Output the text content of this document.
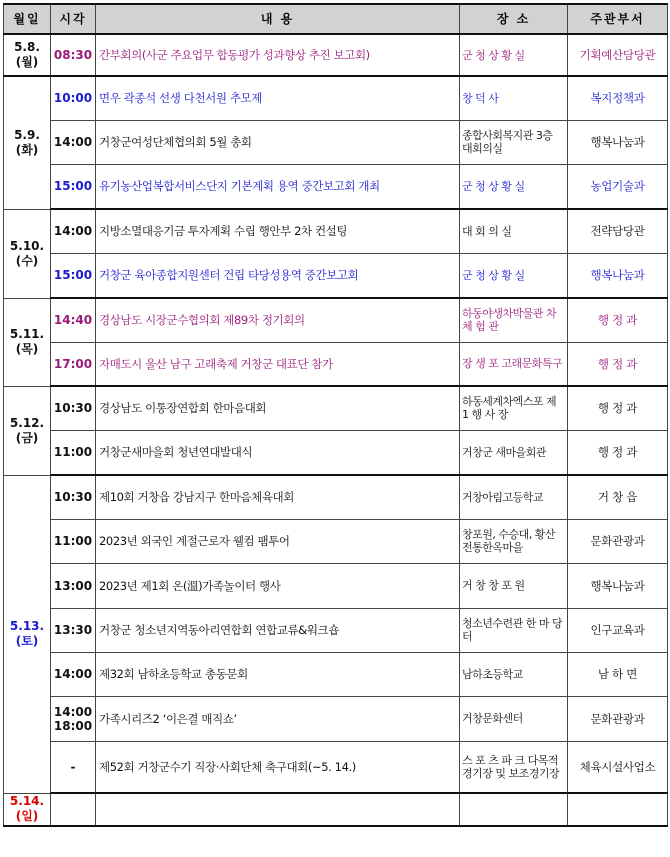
월일	시각	내 용	장 소	주관부서

5.8.
(월)	08:30	간부회의(사군 주요업무 합동평가 성과향상 추진 보고회)	군 청 상 황 실	기획예산담당관

5.9.
(화)	10:00	면우 곽종석 선생 다천서원 추모제	창 덕 사	복지정책과
	14:00	거창군여성단체협의회 5월 총회	종합사회복지관 3층 대회의실	행복나눔과
	15:00	유기농산업복합서비스단지 기본계획 용역 중간보고회 개최	군 청 상 황 실	농업기술과

5.10.
(수)	14:00	지방소멸대응기금 투자계획 수립 행안부 2차 컨설팅	대 회 의 실	전략담당관
	15:00	거창군 육아종합지원센터 건립 타당성용역 중간보고회	군 청 상 황 실	행복나눔과

5.11.
(목)	14:40	경상남도 시장군수협의회 제89차 정기회의	하동야생차박물관 차 체 험 관	행 정 과
	17:00	자매도시 울산 남구 고래축제 거창군 대표단 참가	장 생 포 고래문화특구	행 정 과

5.12.
(금)	10:30	경상남도 이통장연합회 한마음대회	하동세계차엑스포 제 1 행 사 장	행 정 과
	11:00	거창군새마을회 청년연대발대식	거창군 새마을회관	행 정 과

5.13.
(토)	10:30	제10회 거창읍 강남지구 한마음체육대회	거창아림고등학교	거 창 읍
	11:00	2023년 외국인 계절근로자 웰컴 팸투어	창포원, 수승대, 황산전통한옥마을	문화관광과
	13:00	2023년 제1회 온(溫)가족놀이터 행사	거 창 창 포 원	행복나눔과
	13:30	거창군 청소년지역동아리연합회 연합교류&워크숍	청소년수련관 한 마 당 터	인구교육과
	14:00	제32회 남하초등학교 총동문회	남하초등학교	남 하 면
	14:00 18:00	가족시리즈2 ‘이은결 매직쇼’	거창문화센터	문화관광과
	-	제52회 거창군수기 직장·사회단체 축구대회(~5. 14.)	스 포 츠 파 크 다목적경기장 및 보조경기장	체육시설사업소

5.14.
(일)				
